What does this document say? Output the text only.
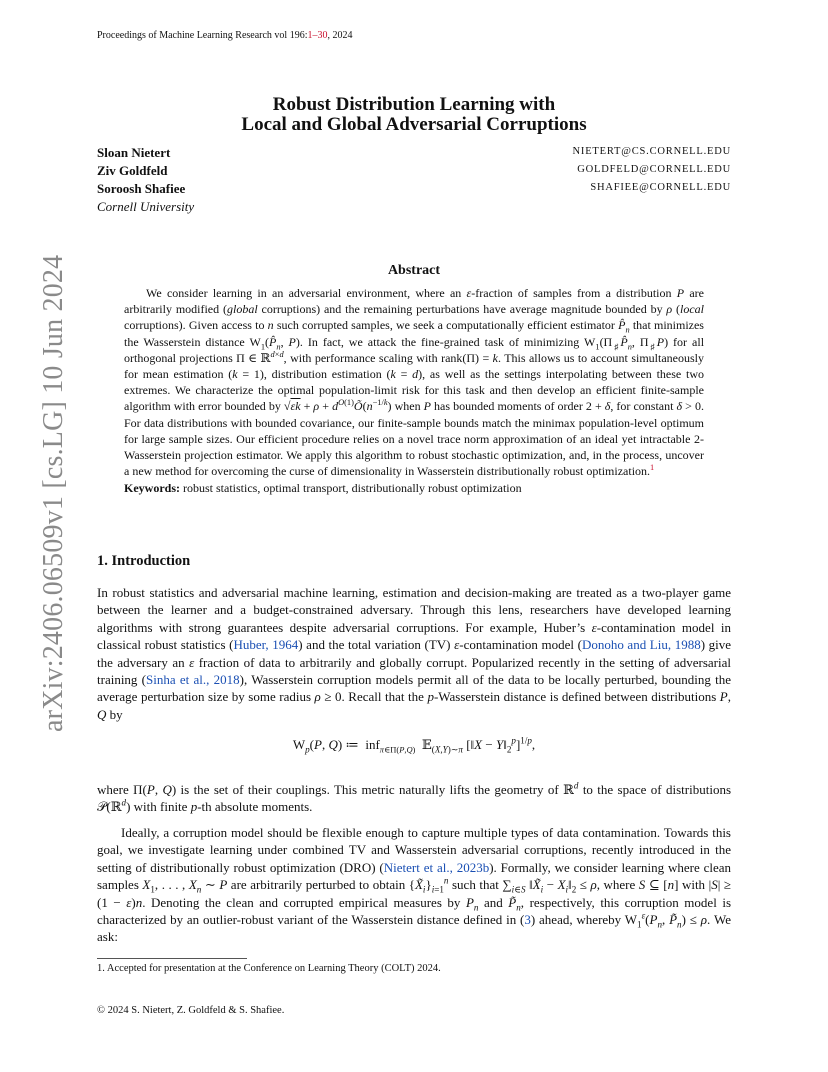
Proceedings of Machine Learning Research vol 196:1–30, 2024
arXiv:2406.06509v1 [cs.LG] 10 Jun 2024
Robust Distribution Learning with
Local and Global Adversarial Corruptions
Sloan Nietert	NIETERT@CS.CORNELL.EDU
Ziv Goldfeld	GOLDFELD@CORNELL.EDU
Soroosh Shafiee	SHAFIEE@CORNELL.EDU
Cornell University
Abstract

We consider learning in an adversarial environment, where an ε-fraction of samples from a distribution P are arbitrarily modified (global corruptions) and the remaining perturbations have average magnitude bounded by ρ (local corruptions). Given access to n such corrupted samples, we seek a computationally efficient estimator $P̂_n$ that minimizes the Wasserstein distance $W_1(P̂_n$, P). In fact, we attack the fine-grained task of minimizing $W_1(\Pi_♯P̂_n$, $\Pi_♯P$) for all orthogonal projections Π ∈ ℝ$^{d\times d}$, with performance scaling with rank(Π) = k. This allows us to account simultaneously for mean estimation (k = 1), distribution estimation (k = d), as well as the settings interpolating between these two extremes. We characterize the optimal population-limit risk for this task and then develop an efficient finite-sample algorithm with error bounded by $√\varepsilon k + \rho + d^{O(1)}Õ(n^{-1/k})$ when P has bounded moments of order 2 + δ, for constant δ > 0. For data distributions with bounded covariance, our finite-sample bounds match the minimax population-level optimum for large sample sizes. Our efficient procedure relies on a novel trace norm approximation of an ideal yet intractable 2-Wasserstein projection estimator. We apply this algorithm to robust stochastic optimization, and, in the process, uncover a new method for overcoming the curse of dimensionality in Wasserstein distributionally robust optimization.$^1$

Keywords: robust statistics, optimal transport, distributionally robust optimization
1. Introduction

In robust statistics and adversarial machine learning, estimation and decision-making are treated as a two-player game between the learner and a budget-constrained adversary. Through this lens, researchers have developed learning algorithms with strong guarantees despite adversarial corruptions. For example, Huber’s ε-contamination model in classical robust statistics (Huber, 1964) and the total variation (TV) ε-contamination model (Donoho and Liu, 1988) give the adversary an ε fraction of data to arbitrarily and globally corrupt. Popularized recently in the setting of adversarial training (Sinha et al., 2018), Wasserstein corruption models permit all of the data to be locally perturbed, bounding the average perturbation size by some radius ρ ≥ 0. Recall that the p-Wasserstein distance is defined between distributions P, Q by

$W_p(P$, Q) ≔  inf$_{\pi\in\Pi(P,Q)}$  𝔼$_{(X,Y)\sim\pi}$ [‖X − $Y‖_2^p]^{1/p}$,

where Π(P, Q) is the set of their couplings. This metric naturally lifts the geometry of ℝ$^d$ to the space of distributions 𝒫(ℝ$^d$) with finite p-th absolute moments.

Ideally, a corruption model should be flexible enough to capture multiple types of data contamination. Towards this goal, we investigate learning under combined TV and Wasserstein adversarial corruptions, recently introduced in the setting of distributionally robust optimization (DRO) (Nietert et al., 2023b). Formally, we consider learning where clean samples $X_1$, . . . , $X_n$ ∼ P are arbitrarily perturbed to obtain $\{X̃_i\}_{i=1}^n$ such that $\sum_{i\in S}$ $‖X̃_i$ − $X_i‖_2 \le \rho$, where S ⊆ [n] with |S| ≥ (1 − ε)n. Denoting the clean and corrupted empirical measures by $P_n$ and $P̃_n$, respectively, this corruption model is characterized by an outlier-robust variant of the Wasserstein distance defined in (3) ahead, whereby $W_1^\varepsilon(P_n$, $P̃_n) \le \rho$. We ask:

1. Accepted for presentation at the Conference on Learning Theory (COLT) 2024.
© 2024 S. Nietert, Z. Goldfeld & S. Shafiee.
